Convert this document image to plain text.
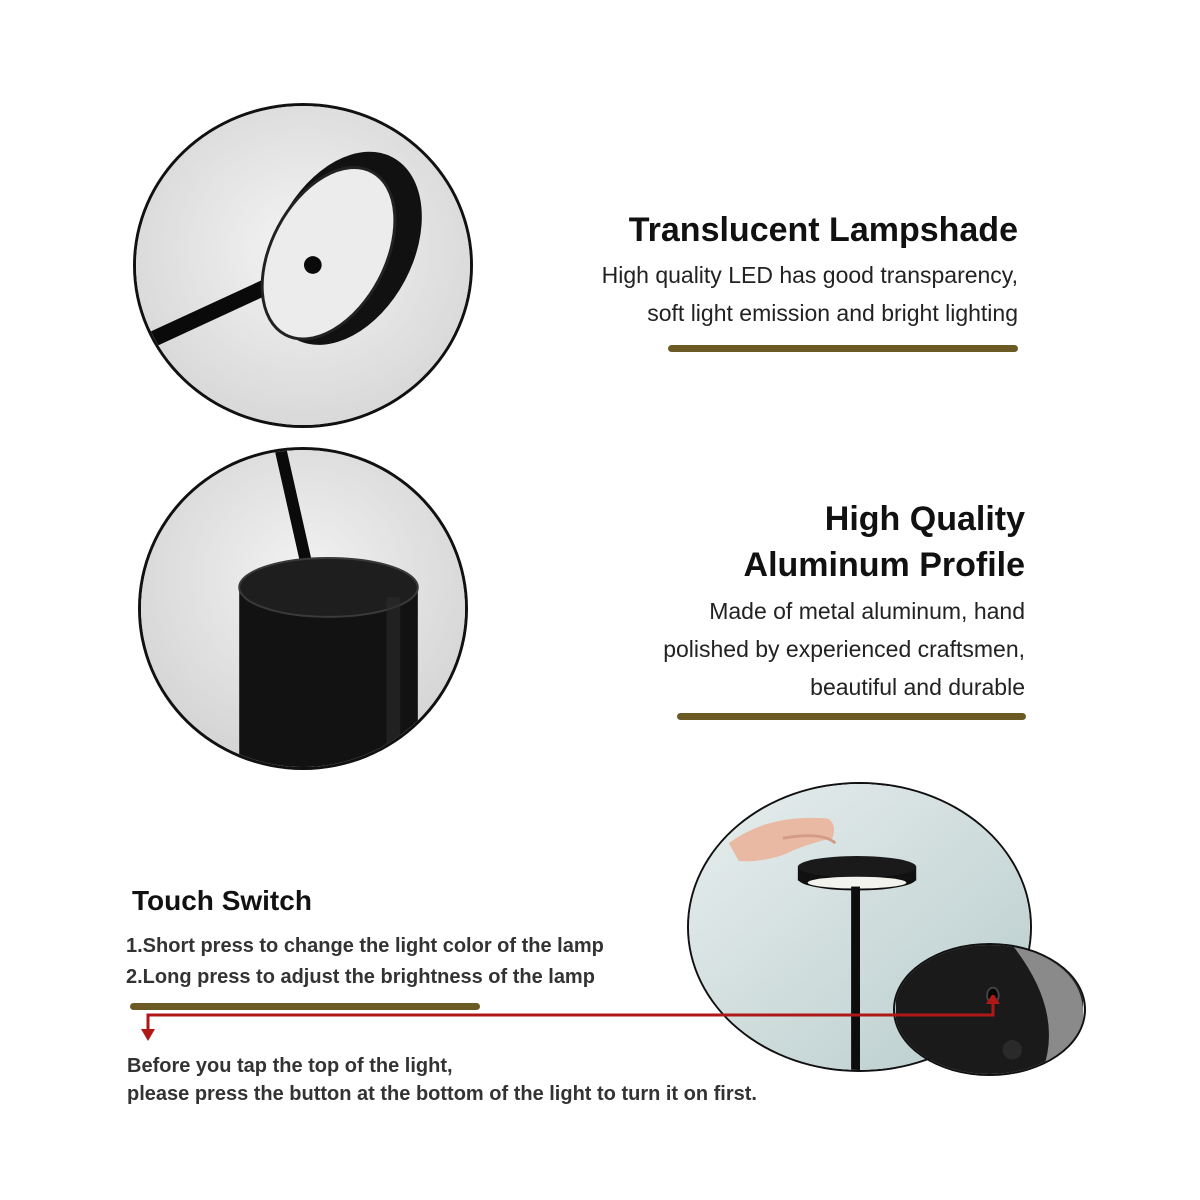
Translucent Lampshade
High quality LED has good transparency,
soft light emission and bright lighting
High Quality
Aluminum Profile
Made of metal aluminum, hand
polished by experienced craftsmen,
beautiful and durable
Touch Switch
1.Short press to change the light color of the lamp
2.Long press to adjust the brightness of the lamp
Before you tap the top of the light,
please press the button at the bottom of the light to turn it on first.
